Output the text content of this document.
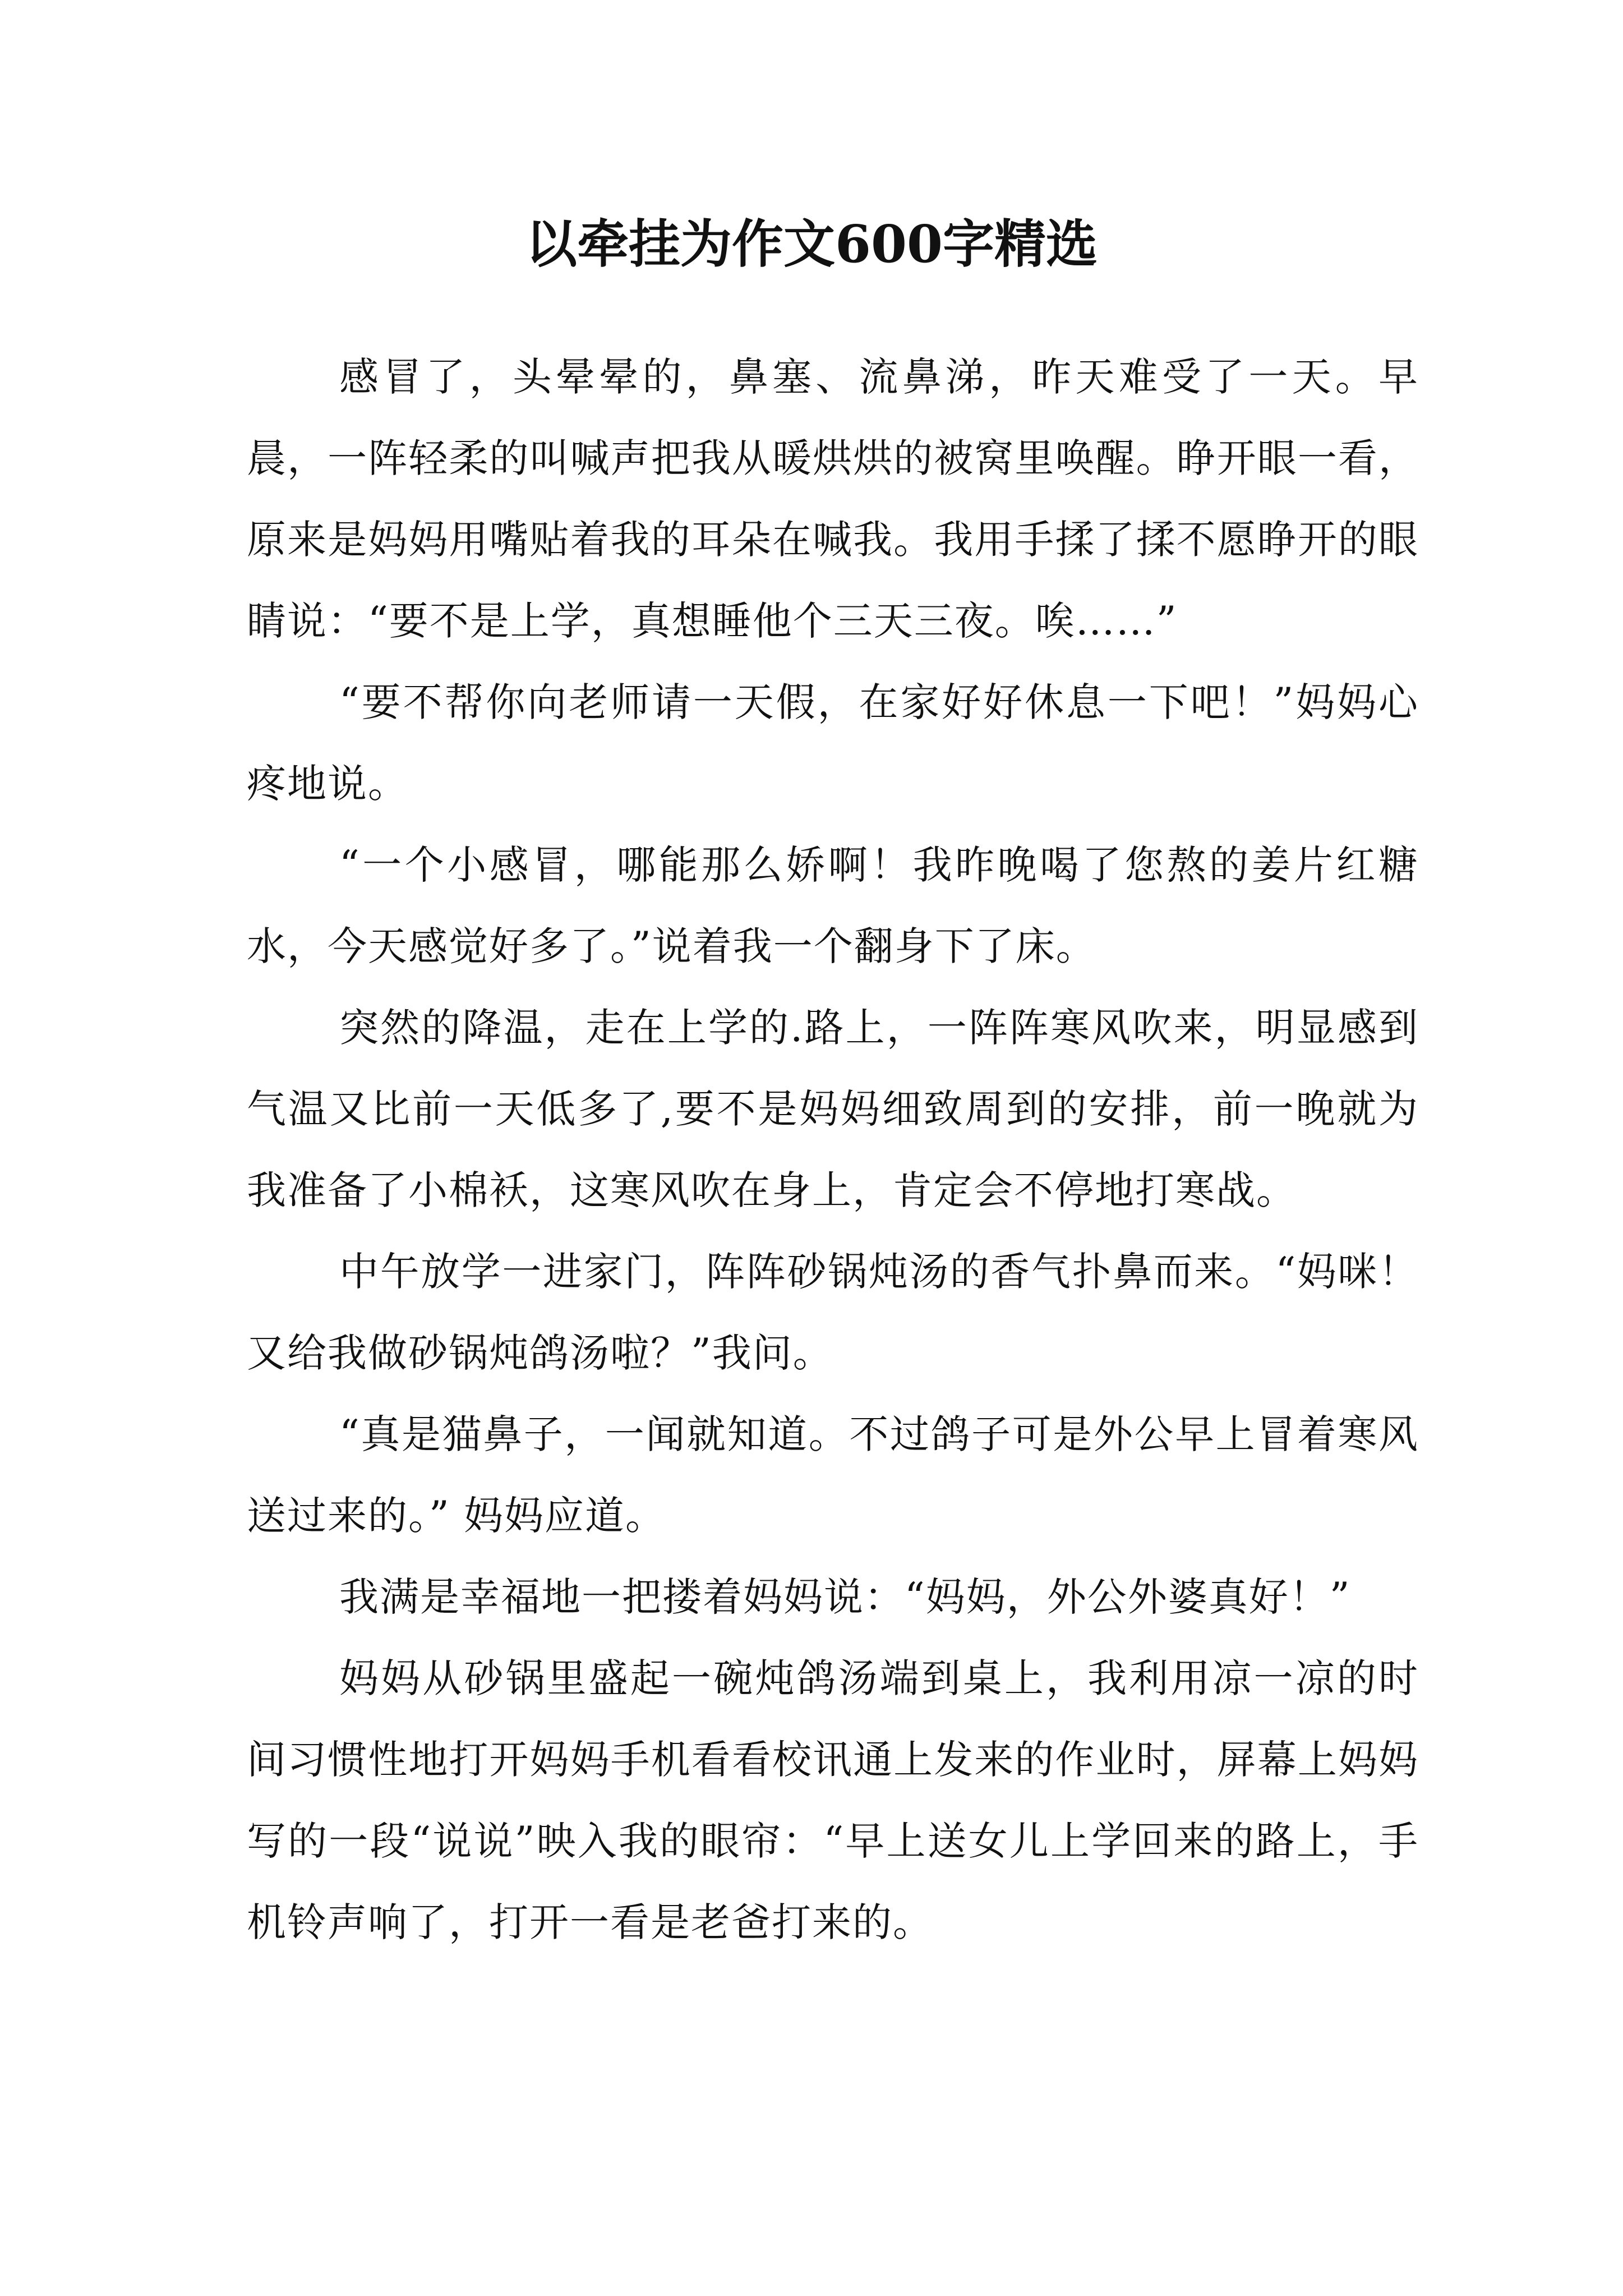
以牵挂为作文600字精选

感冒了，头晕晕的，鼻塞、流鼻涕，昨天难受了一天。早晨，一阵轻柔的叫喊声把我从暖烘烘的被窝里唤醒。睁开眼一看，原来是妈妈用嘴贴着我的耳朵在喊我。我用手揉了揉不愿睁开的眼睛说：“要不是上学，真想睡他个三天三夜。唉……”

“要不帮你向老师请一天假，在家好好休息一下吧！”妈妈心疼地说。

“一个小感冒，哪能那么娇啊！我昨晚喝了您熬的姜片红糖水，今天感觉好多了。”说着我一个翻身下了床。

突然的降温，走在上学的.路上，一阵阵寒风吹来，明显感到气温又比前一天低多了,要不是妈妈细致周到的安排，前一晚就为我准备了小棉袄，这寒风吹在身上，肯定会不停地打寒战。

中午放学一进家门，阵阵砂锅炖汤的香气扑鼻而来。“妈咪！又给我做砂锅炖鸽汤啦？”我问。

“真是猫鼻子，一闻就知道。不过鸽子可是外公早上冒着寒风送过来的。” 妈妈应道。

我满是幸福地一把搂着妈妈说：“妈妈，外公外婆真好！”

妈妈从砂锅里盛起一碗炖鸽汤端到桌上，我利用凉一凉的时间习惯性地打开妈妈手机看看校讯通上发来的作业时，屏幕上妈妈写的一段“说说”映入我的眼帘：“早上送女儿上学回来的路上，手机铃声响了，打开一看是老爸打来的。
